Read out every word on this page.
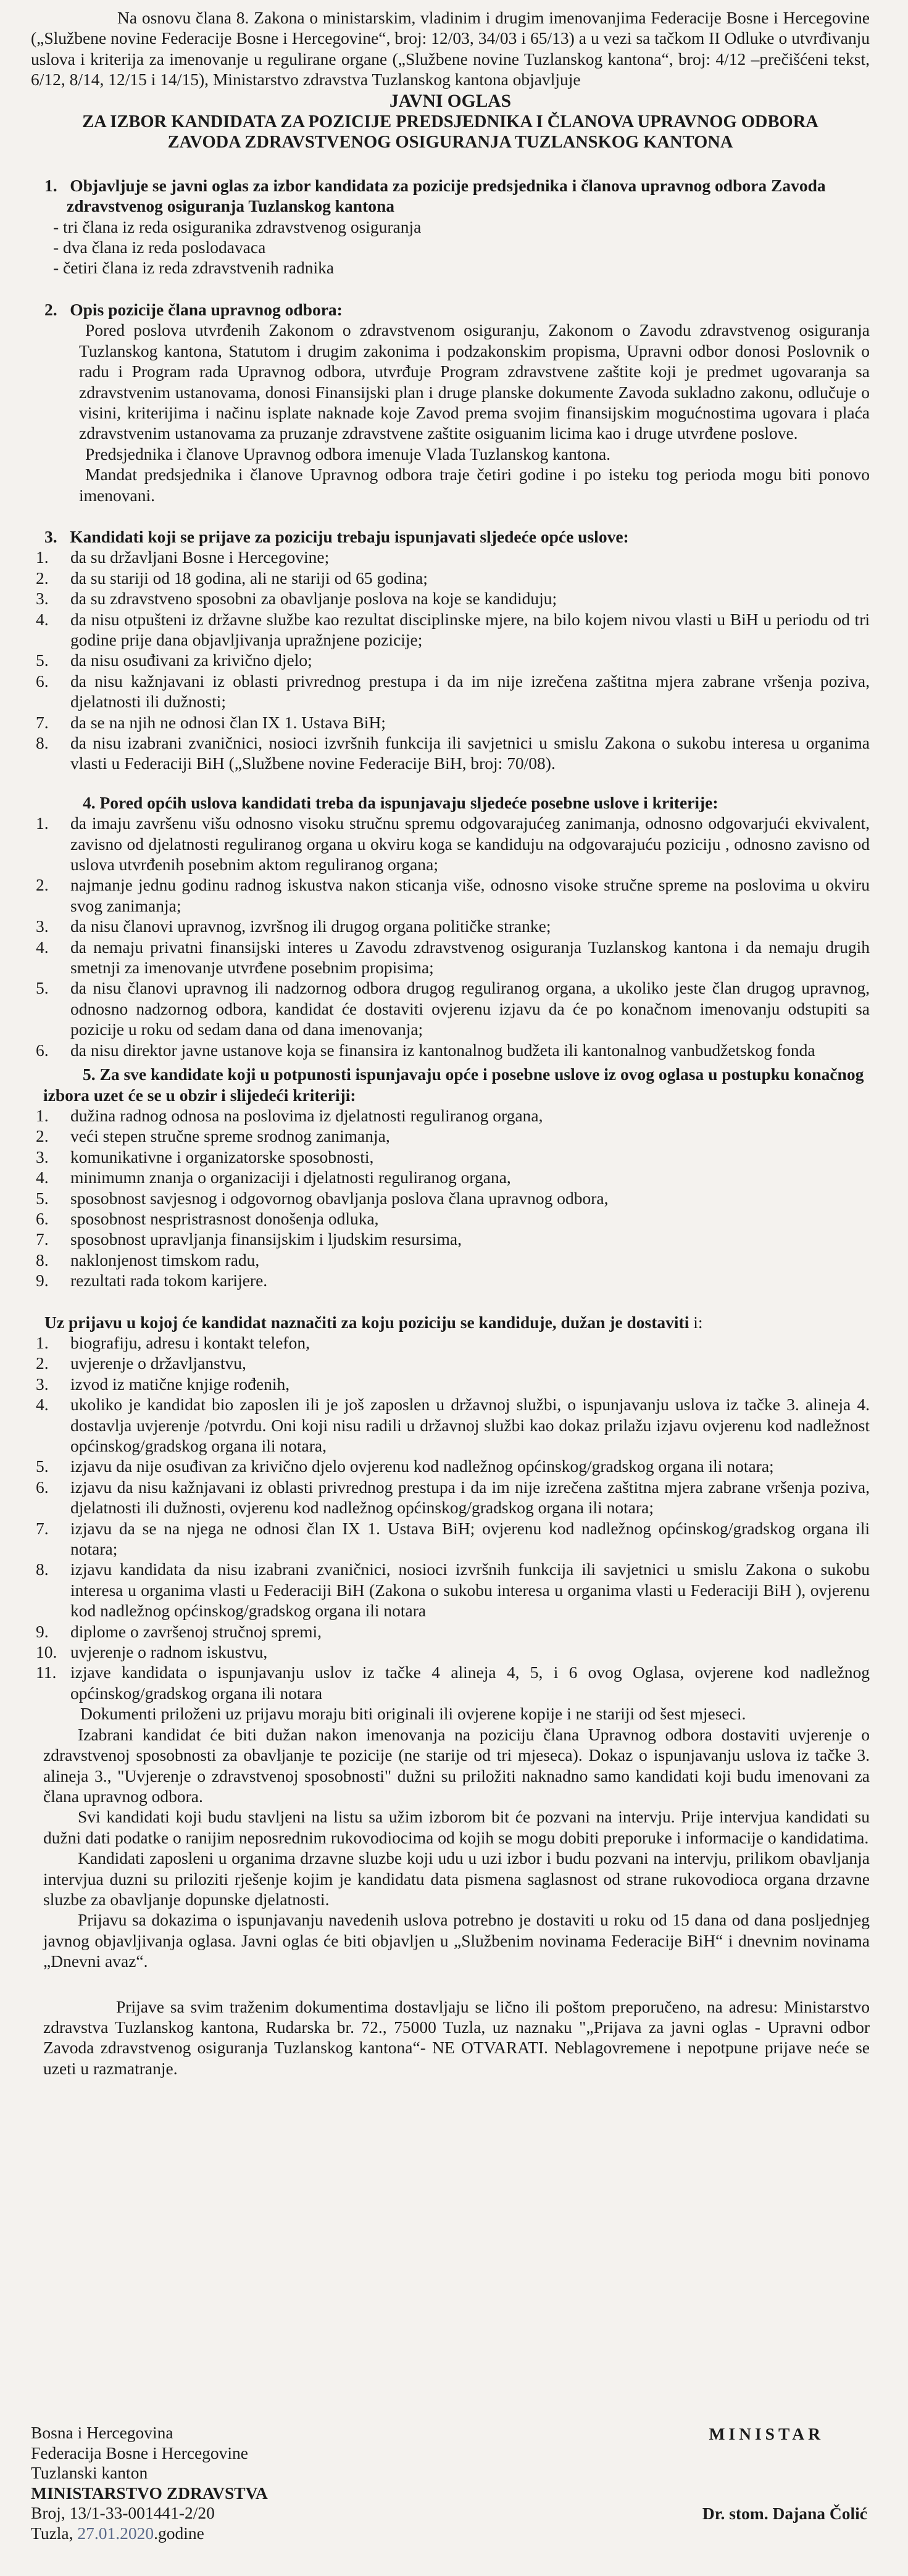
Na osnovu člana 8. Zakona o ministarskim, vladinim i drugim imenovanjima Federacije Bosne i Hercegovine („Službene novine Federacije Bosne i Hercegovine“, broj: 12/03, 34/03 i 65/13) a u vezi sa tačkom II Odluke o utvrđivanju uslova i kriterija za imenovanje u regulirane organe („Službene novine Tuzlanskog kantona“, broj: 4/12 –prečišćeni tekst, 6/12, 8/14, 12/15 i 14/15), Ministarstvo zdravstva Tuzlanskog kantona objavljuje

JAVNI OGLAS
ZA IZBOR KANDIDATA ZA POZICIJE PREDSJEDNIKA I ČLANOVA UPRAVNOG ODBORA
ZAVODA ZDRAVSTVENOG OSIGURANJA TUZLANSKOG KANTONA

1. Objavljuje se javni oglas za izbor kandidata za pozicije predsjednika i članova upravnog odbora Zavoda zdravstvenog osiguranja Tuzlanskog kantona

- tri člana iz reda osiguranika zdravstvenog osiguranja
- dva člana iz reda poslodavaca
- četiri člana iz reda zdravstvenih radnika

2. Opis pozicije člana upravnog odbora:

Pored poslova utvrđenih Zakonom o zdravstvenom osiguranju, Zakonom o Zavodu zdravstvenog osiguranja Tuzlanskog kantona, Statutom i drugim zakonima i podzakonskim propisma, Upravni odbor donosi Poslovnik o radu i Program rada Upravnog odbora, utvrđuje Program zdravstvene zaštite koji je predmet ugovaranja sa zdravstvenim ustanovama, donosi Finansijski plan i druge planske dokumente Zavoda sukladno zakonu, odlučuje o visini, kriterijima i načinu isplate naknade koje Zavod prema svojim finansijskim mogućnostima ugovara i plaća zdravstvenim ustanovama za pruzanje zdravstvene zaštite osiguanim licima kao i druge utvrđene poslove.

Predsjednika i članove Upravnog odbora imenuje Vlada Tuzlanskog kantona.

Mandat predsjednika i članove Upravnog odbora traje četiri godine i po isteku tog perioda mogu biti ponovo imenovani.

3. Kandidati koji se prijave za poziciju trebaju ispunjavati sljedeće opće uslove:

1.	da su državljani Bosne i Hercegovine;
2.	da su stariji od 18 godina, ali ne stariji od 65 godina;
3.	da su zdravstveno sposobni za obavljanje poslova na koje se kandiduju;
4.	da nisu otpušteni iz državne službe kao rezultat disciplinske mjere, na bilo kojem nivou vlasti u BiH u periodu od tri godine prije dana objavljivanja upražnjene pozicije;
5.	da nisu osuđivani za krivično djelo;
6.	da nisu kažnjavani iz oblasti privrednog prestupa i da im nije izrečena zaštitna mjera zabrane vršenja poziva, djelatnosti ili dužnosti;
7.	da se na njih ne odnosi član IX 1. Ustava BiH;
8.	da nisu izabrani zvaničnici, nosioci izvršnih funkcija ili savjetnici u smislu Zakona o sukobu interesa u organima vlasti u Federaciji BiH („Službene novine Federacije BiH, broj: 70/08).

4. Pored općih uslova kandidati treba da ispunjavaju sljedeće posebne uslove i kriterije:

1.	da imaju završenu višu odnosno visoku stručnu spremu odgovarajućeg zanimanja, odnosno odgovarjući ekvivalent, zavisno od djelatnosti reguliranog organa u okviru koga se kandiduju na odgovarajuću poziciju , odnosno zavisno od uslova utvrđenih posebnim aktom reguliranog organa;
2.	najmanje jednu godinu radnog iskustva nakon sticanja više, odnosno visoke stručne spreme na poslovima u okviru svog zanimanja;
3.	da nisu članovi upravnog, izvršnog ili drugog organa političke stranke;
4.	da nemaju privatni finansijski interes u Zavodu zdravstvenog osiguranja Tuzlanskog kantona i da nemaju drugih smetnji za imenovanje utvrđene posebnim propisima;
5.	da nisu članovi upravnog ili nadzornog odbora drugog reguliranog organa, a ukoliko jeste član drugog upravnog, odnosno nadzornog odbora, kandidat će dostaviti ovjerenu izjavu da će po konačnom imenovanju odstupiti sa pozicije u roku od sedam dana od dana imenovanja;
6.	da nisu direktor javne ustanove koja se finansira iz kantonalnog budžeta ili kantonalnog vanbudžetskog fonda

5. Za sve kandidate koji u potpunosti ispunjavaju opće i posebne uslove iz ovog oglasa u postupku konačnog izbora uzet će se u obzir i slijedeći kriteriji:

1.	dužina radnog odnosa na poslovima iz djelatnosti reguliranog organa,
2.	veći stepen stručne spreme srodnog zanimanja,
3.	komunikativne i organizatorske sposobnosti,
4.	minimumn znanja o organizaciji i djelatnosti reguliranog organa,
5.	sposobnost savjesnog i odgovornog obavljanja poslova člana upravnog odbora,
6.	sposobnost nespristrasnost donošenja odluka,
7.	sposobnost upravljanja finansijskim i ljudskim resursima,
8.	naklonjenost timskom radu,
9.	rezultati rada tokom karijere.

Uz prijavu u kojoj će kandidat naznačiti za koju poziciju se kandiduje, dužan je dostaviti i:

1.	biografiju, adresu i kontakt telefon,
2.	uvjerenje o državljanstvu,
3.	izvod iz matične knjige rođenih,
4.	ukoliko je kandidat bio zaposlen ili je još zaposlen u državnoj službi, o ispunjavanju uslova iz tačke 3. alineja 4. dostavlja uvjerenje /potvrdu. Oni koji nisu radili u državnoj službi kao dokaz prilažu izjavu ovjerenu kod nadležnost općinskog/gradskog organa ili notara,
5.	izjavu da nije osuđivan za krivično djelo ovjerenu kod nadležnog općinskog/gradskog organa ili notara;
6.	izjavu da nisu kažnjavani iz oblasti privrednog prestupa i da im nije izrečena zaštitna mjera zabrane vršenja poziva, djelatnosti ili dužnosti, ovjerenu kod nadležnog općinskog/gradskog organa ili notara;
7.	izjavu da se na njega ne odnosi član IX 1. Ustava BiH; ovjerenu kod nadležnog općinskog/gradskog organa ili notara;
8.	izjavu kandidata da nisu izabrani zvaničnici, nosioci izvršnih funkcija ili savjetnici u smislu Zakona o sukobu interesa u organima vlasti u Federaciji BiH (Zakona o sukobu interesa u organima vlasti u Federaciji BiH ), ovjerenu kod nadležnog općinskog/gradskog organa ili notara
9.	diplome o završenoj stručnoj spremi,
10. uvjerenje o radnom iskustvu,
11. izjave kandidata o ispunjavanju uslov iz tačke 4 alineja 4, 5, i 6 ovog Oglasa, ovjerene kod nadležnog općinskog/gradskog organa ili notara

Dokumenti priloženi uz prijavu moraju biti originali ili ovjerene kopije i ne stariji od šest mjeseci.

Izabrani kandidat će biti dužan nakon imenovanja na poziciju člana Upravnog odbora dostaviti uvjerenje o zdravstvenoj sposobnosti za obavljanje te pozicije (ne starije od tri mjeseca). Dokaz o ispunjavanju uslova iz tačke 3. alineja 3., "Uvjerenje o zdravstvenoj sposobnosti" dužni su priložiti naknadno samo kandidati koji budu imenovani za člana upravnog odbora.

Svi kandidati koji budu stavljeni na listu sa užim izborom bit će pozvani na intervju. Prije intervjua kandidati su dužni dati podatke o ranijim neposrednim rukovodiocima od kojih se mogu dobiti preporuke i informacije o kandidatima.

Kandidati zaposleni u organima drzavne sluzbe koji udu u uzi izbor i budu pozvani na intervju, prilikom obavljanja intervjua duzni su priloziti rješenje kojim je kandidatu data pismena saglasnost od strane rukovodioca organa drzavne sluzbe za obavljanje dopunske djelatnosti.

Prijavu sa dokazima o ispunjavanju navedenih uslova potrebno je dostaviti u roku od 15 dana od dana posljednjeg javnog objavljivanja oglasa. Javni oglas će biti objavljen u „Službenim novinama Federacije BiH“ i dnevnim novinama „Dnevni avaz“.

Prijave sa svim traženim dokumentima dostavljaju se lično ili poštom preporučeno, na adresu: Ministarstvo zdravstva Tuzlanskog kantona, Rudarska br. 72., 75000 Tuzla, uz naznaku "„Prijava za javni oglas - Upravni odbor Zavoda zdravstvenog osiguranja Tuzlanskog kantona“- NE OTVARATI. Neblagovremene i nepotpune prijave neće se uzeti u razmatranje.

Bosna i Hercegovina
Federacija Bosne i Hercegovine
Tuzlanski kanton
MINISTARSTVO ZDRAVSTVA
Broj, 13/1-33-001441-2/20
Tuzla, 27.01.2020.godine
MINISTAR
Dr. stom. Dajana Čolić
